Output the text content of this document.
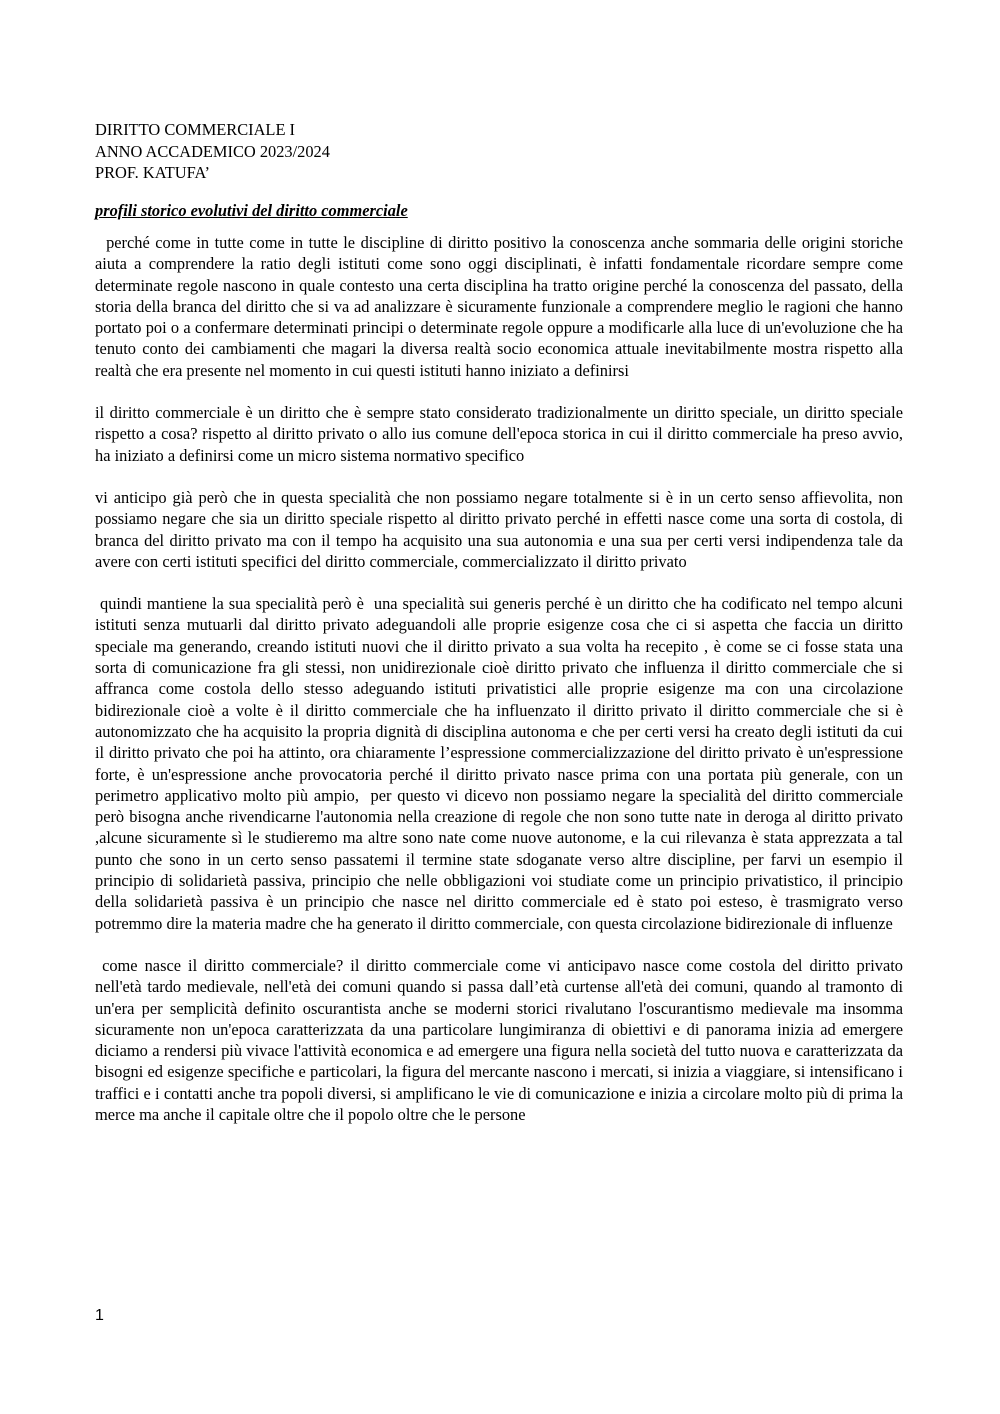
DIRITTO COMMERCIALE I
ANNO ACCADEMICO 2023/2024
PROF. KATUFA’
profili storico evolutivi del diritto commerciale

perché come in tutte come in tutte le discipline di diritto positivo la conoscenza anche sommaria delle origini storiche aiuta a comprendere la ratio degli istituti come sono oggi disciplinati, è infatti fondamentale ricordare sempre come determinate regole nascono in quale contesto una certa disciplina ha tratto origine perché la conoscenza del passato, della storia della branca del diritto che si va ad analizzare è sicuramente funzionale a comprendere meglio le ragioni che hanno portato poi o a confermare determinati principi o determinate regole oppure a modificarle alla luce di un'evoluzione che ha tenuto conto dei cambiamenti che magari la diversa realtà socio economica attuale inevitabilmente mostra rispetto alla realtà che era presente nel momento in cui questi istituti hanno iniziato a definirsi

il diritto commerciale è un diritto che è sempre stato considerato tradizionalmente un diritto speciale, un diritto speciale rispetto a cosa? rispetto al diritto privato o allo ius comune dell'epoca storica in cui il diritto commerciale ha preso avvio, ha iniziato a definirsi come un micro sistema normativo specifico

vi anticipo già però che in questa specialità che non possiamo negare totalmente si è in un certo senso affievolita, non possiamo negare che sia un diritto speciale rispetto al diritto privato perché in effetti nasce come una sorta di costola, di branca del diritto privato ma con il tempo ha acquisito una sua autonomia e una sua per certi versi indipendenza tale da avere con certi istituti specifici del diritto commerciale, commercializzato il diritto privato

quindi mantiene la sua specialità però è  una specialità sui generis perché è un diritto che ha codificato nel tempo alcuni istituti senza mutuarli dal diritto privato adeguandoli alle proprie esigenze cosa che ci si aspetta che faccia un diritto speciale ma generando, creando istituti nuovi che il diritto privato a sua volta ha recepito , è come se ci fosse stata una sorta di comunicazione fra gli stessi, non unidirezionale cioè diritto privato che influenza il diritto commerciale che si affranca come costola dello stesso adeguando istituti privatistici alle proprie esigenze ma con una circolazione bidirezionale cioè a volte è il diritto commerciale che ha influenzato il diritto privato il diritto commerciale che si è  autonomizzato che ha acquisito la propria dignità di disciplina autonoma e che per certi versi ha creato degli istituti da cui il diritto privato che poi ha attinto, ora chiaramente l’espressione commercializzazione del diritto privato è un'espressione forte, è un'espressione anche provocatoria perché il diritto privato nasce prima con una portata più generale, con un perimetro applicativo molto più ampio,  per questo vi dicevo non possiamo negare la specialità del diritto commerciale però bisogna anche rivendicarne l'autonomia nella creazione di regole che non sono tutte nate in deroga al diritto privato ,alcune sicuramente sì le studieremo ma altre sono nate come nuove autonome, e la cui rilevanza è stata apprezzata a tal punto che sono in un certo senso passatemi il termine state sdoganate verso altre discipline, per farvi un esempio il principio di solidarietà passiva, principio che nelle obbligazioni voi studiate come un principio privatistico, il principio della solidarietà passiva è un principio che nasce nel diritto commerciale ed è stato poi esteso, è trasmigrato verso potremmo dire la materia madre che ha generato il diritto commerciale, con questa circolazione bidirezionale di influenze

come nasce il diritto commerciale? il diritto commerciale come vi anticipavo nasce come costola del diritto privato nell'età tardo medievale, nell'età dei comuni quando si passa dall’età curtense all'età dei comuni, quando al tramonto di un'era per semplicità definito oscurantista anche se moderni storici rivalutano l'oscurantismo medievale ma insomma sicuramente non un'epoca caratterizzata da una particolare lungimiranza di obiettivi e di panorama inizia ad emergere diciamo a rendersi più vivace l'attività economica e ad emergere una figura nella società del tutto nuova e caratterizzata da bisogni ed esigenze specifiche e particolari, la figura del mercante nascono i mercati, si inizia a viaggiare, si intensificano i traffici e i contatti anche tra popoli diversi, si amplificano le vie di comunicazione e inizia a circolare molto più di prima la merce ma anche il capitale oltre che il popolo oltre che le persone

1
